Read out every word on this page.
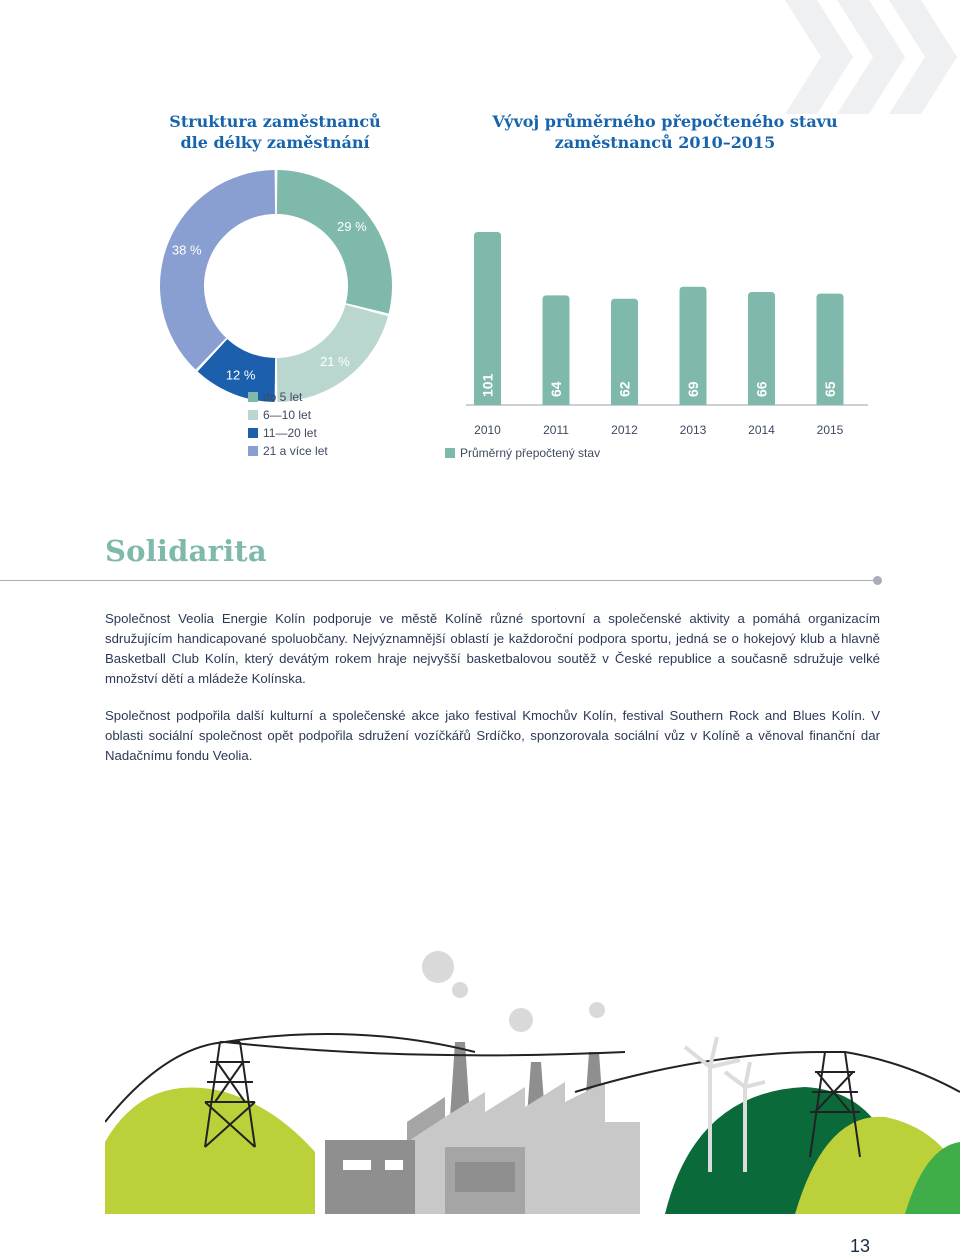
Struktura zaměstnanců
dle délky zaměstnání
Vývoj průměrného přepočteného stavu
zaměstnanců 2010–2015
29 %
21 %
12 %
38 %
do 5 let
6—10 let
11—20 let
21 a více let
101
2010
64
2011
62
2012
69
2013
66
2014
65
2015
Průměrný přepočtený stav
Solidarita

Společnost Veolia Energie Kolín podporuje ve městě Kolíně různé sportovní a společenské aktivity a pomáhá organizacím sdružujícím handicapované spoluobčany. Nejvýznamnější oblastí je každoroční podpora sportu, jedná se o hokejový klub a hlavně Basketball Club Kolín, který devátým rokem hraje nejvyšší basketbalovou soutěž v České republice a současně sdružuje velké množství dětí a mládeže Kolínska.

Společnost podpořila další kulturní a společenské akce jako festival Kmochův Kolín, festival Southern Rock and Blues Kolín. V oblasti sociální společnost opět podpořila sdružení vozíčkářů Srdíčko, sponzorovala sociální vůz v Kolíně a věnoval finanční dar Nadačnímu fondu Veolia.

13
